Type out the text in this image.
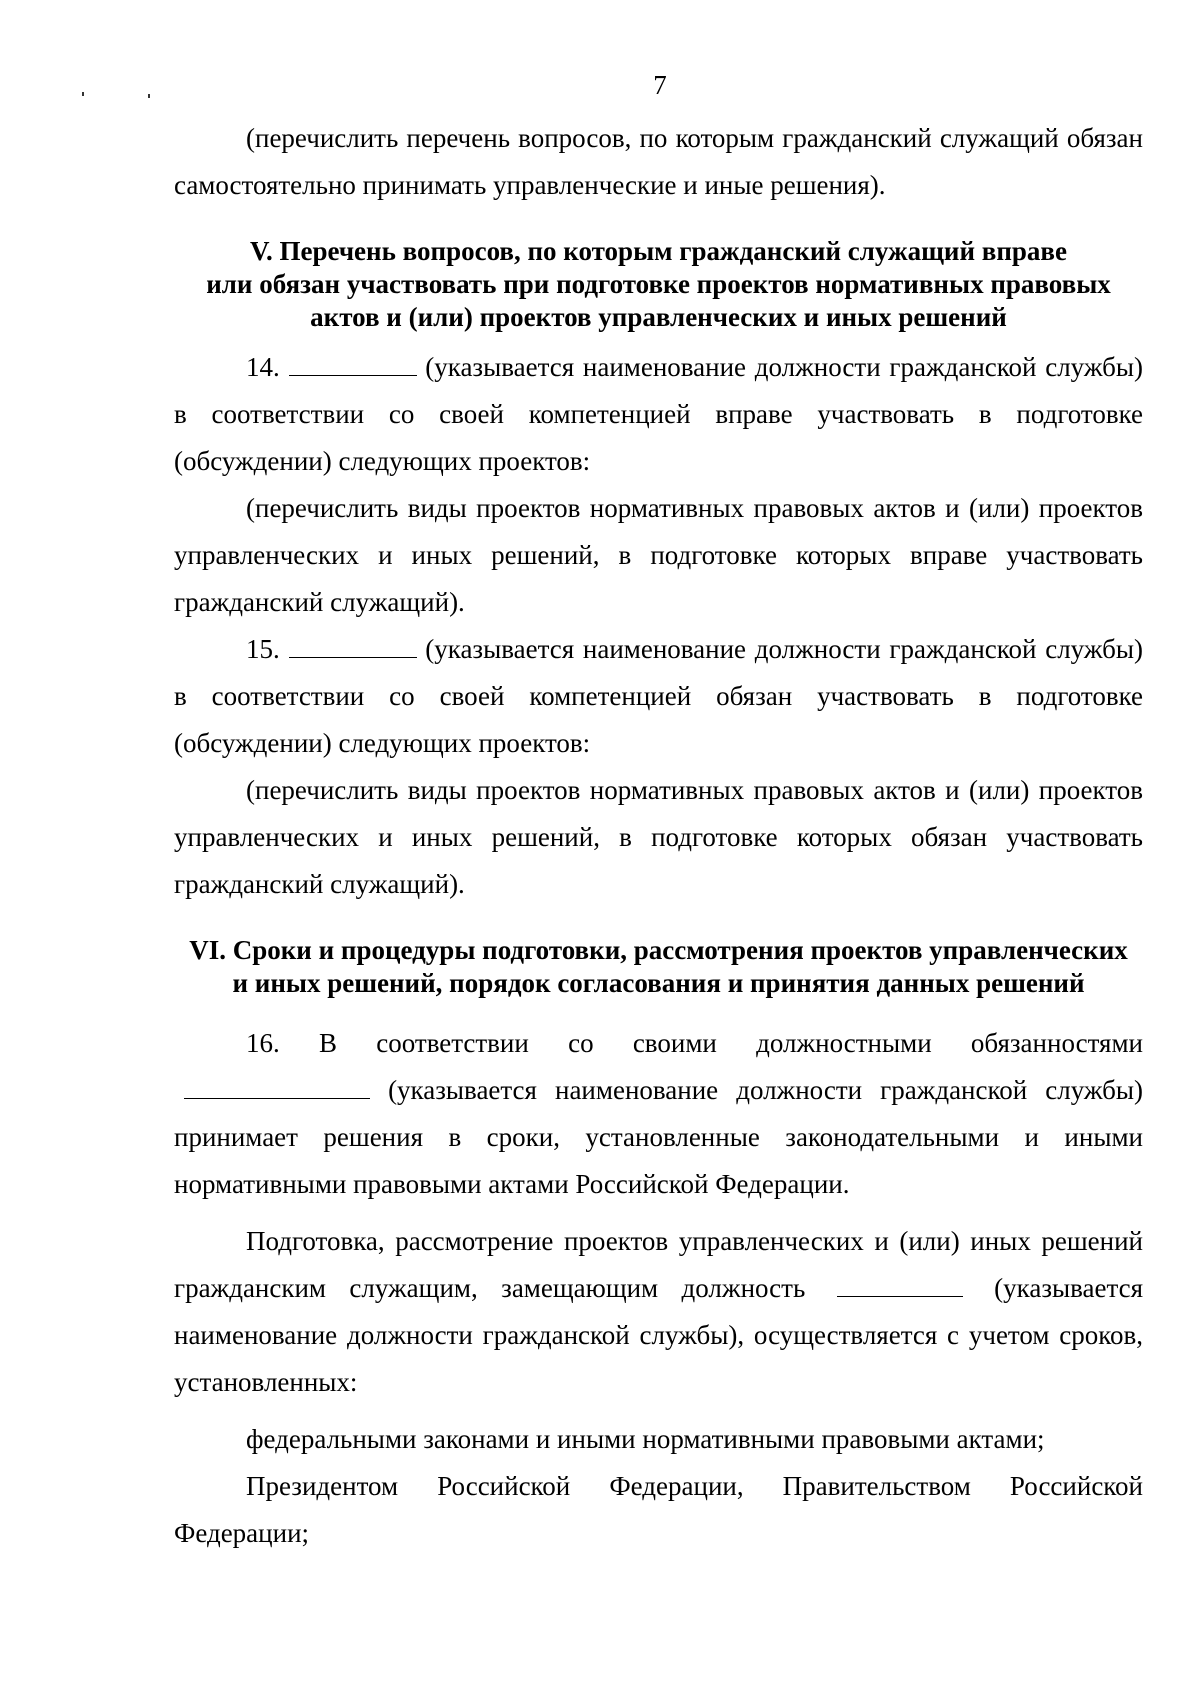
7

(перечислить перечень вопросов, по которым гражданский служащий обязан самостоятельно принимать управленческие и иные решения).

V. Перечень вопросов, по которым гражданский служащий вправе

или обязан участвовать при подготовке проектов нормативных правовых

актов и (или) проектов управленческих и иных решений

14.	(указывается наименование должности гражданской службы) в соответствии со своей компетенцией вправе участвовать в подготовке (обсуждении) следующих проектов:

(перечислить виды проектов нормативных правовых актов и (или) проектов управленческих и иных решений, в подготовке которых вправе участвовать гражданский служащий).

15.	(указывается наименование должности гражданской службы) в соответствии со своей компетенцией обязан участвовать в подготовке (обсуждении) следующих проектов:

(перечислить виды проектов нормативных правовых актов и (или) проектов управленческих и иных решений, в подготовке которых обязан участвовать гражданский служащий).

VI. Сроки и процедуры подготовки, рассмотрения проектов управленческих

и иных решений, порядок согласования и принятия данных решений

16. В соответствии со своими должностными обязанностями  (указывается наименование должности гражданской службы) принимает решения в сроки, установленные законодательными и иными нормативными правовыми актами Российской Федерации.

Подготовка, рассмотрение проектов управленческих и (или) иных решений гражданским служащим, замещающим должность	(указывается наименование должности гражданской службы), осуществляется с учетом сроков, установленных:

федеральными законами и иными нормативными правовыми актами;

Президентом Российской Федерации, Правительством Российской Федерации;
